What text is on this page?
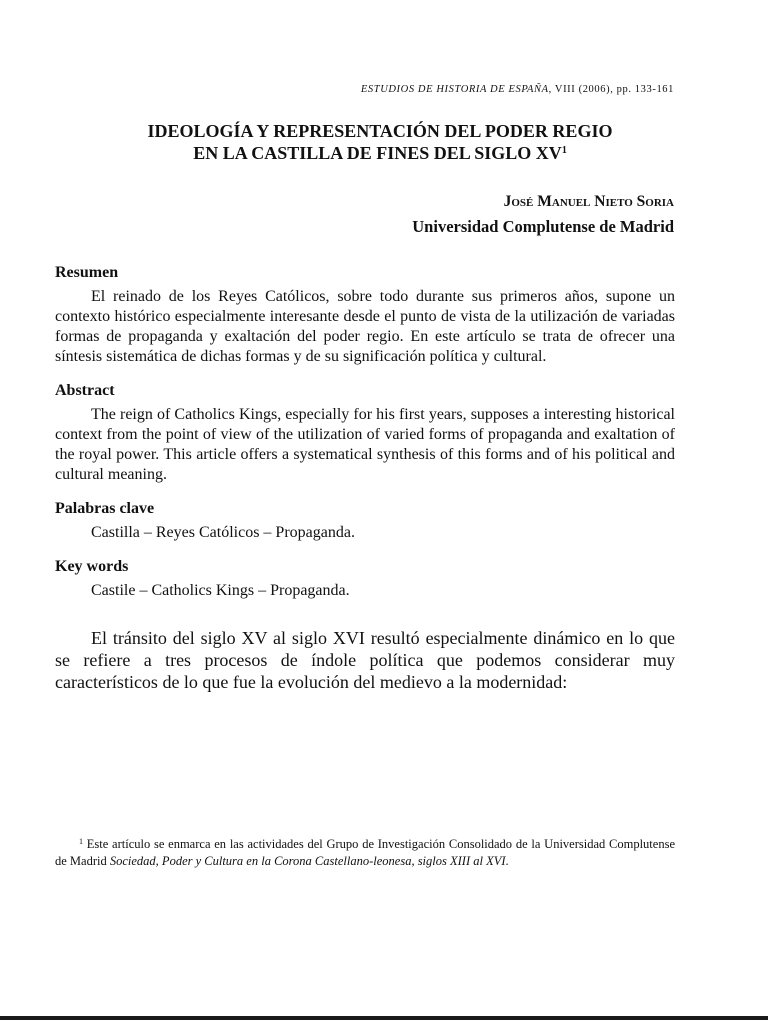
ESTUDIOS DE HISTORIA DE ESPAÑA, VIII (2006), pp. 133-161
IDEOLOGÍA Y REPRESENTACIÓN DEL PODER REGIO
EN LA CASTILLA DE FINES DEL SIGLO $XV^1$
José Manuel Nieto Soria
Universidad Complutense de Madrid
Resumen

El reinado de los Reyes Católicos, sobre todo durante sus primeros años, supone un contexto histórico especialmente interesante desde el punto de vista de la utilización de variadas formas de propaganda y exaltación del poder regio. En este artículo se trata de ofrecer una síntesis sistemática de dichas formas y de su significación política y cultural.

Abstract

The reign of Catholics Kings, especially for his first years, supposes a interesting historical context from the point of view of the utilization of varied forms of propaganda and exaltation of the royal power. This article offers a systematical synthesis of this forms and of his political and cultural meaning.

Palabras clave

Castilla – Reyes Católicos – Propaganda.

Key words

Castile – Catholics Kings – Propaganda.

El tránsito del siglo XV al siglo XVI resultó especialmente dinámico en lo que se refiere a tres procesos de índole política que podemos considerar muy característicos de lo que fue la evolución del medievo a la modernidad:

$^1$ Este artículo se enmarca en las actividades del Grupo de Investigación Consolidado de la Universidad Complutense de Madrid Sociedad, Poder y Cultura en la Corona Castellano-leonesa, siglos XIII al XVI.
